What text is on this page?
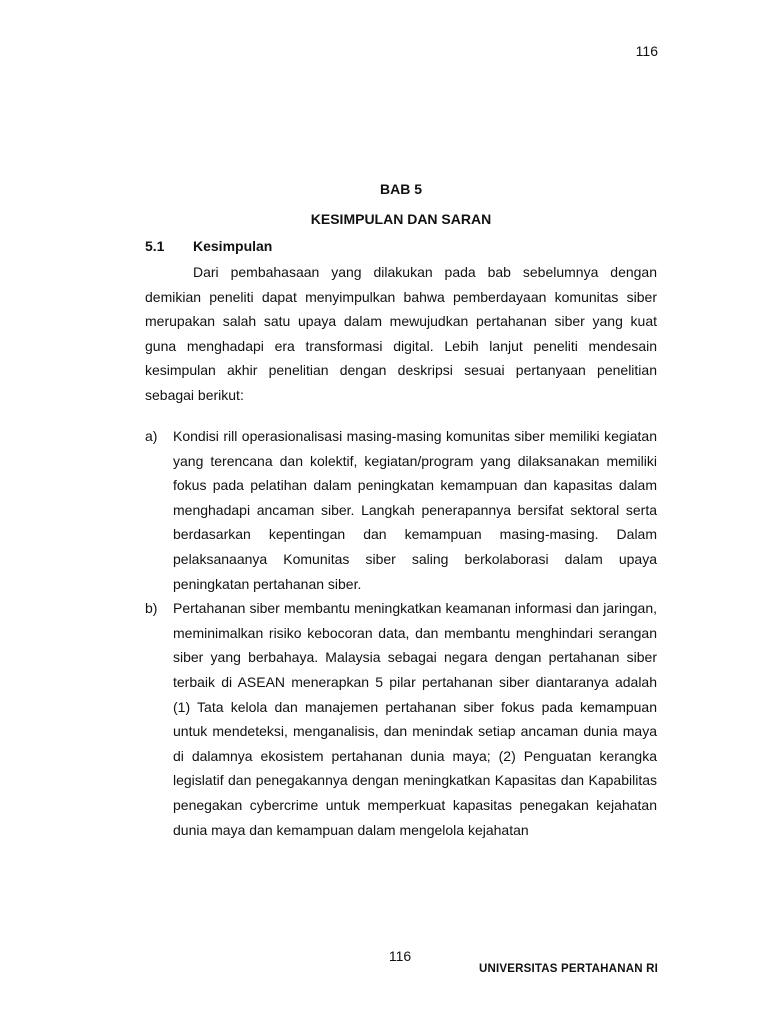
116
BAB 5
KESIMPULAN DAN SARAN
5.1 Kesimpulan

Dari pembahasaan yang dilakukan pada bab sebelumnya dengan demikian peneliti dapat menyimpulkan bahwa pemberdayaan komunitas siber merupakan salah satu upaya dalam mewujudkan pertahanan siber yang kuat guna menghadapi era transformasi digital. Lebih lanjut peneliti mendesain kesimpulan akhir penelitian dengan deskripsi sesuai pertanyaan penelitian sebagai berikut:

a) Kondisi rill operasionalisasi masing-masing komunitas siber memiliki kegiatan yang terencana dan kolektif, kegiatan/program yang dilaksanakan memiliki fokus pada pelatihan dalam peningkatan kemampuan dan kapasitas dalam menghadapi ancaman siber. Langkah penerapannya bersifat sektoral serta berdasarkan kepentingan dan kemampuan masing-masing. Dalam pelaksanaanya Komunitas siber saling berkolaborasi dalam upaya peningkatan pertahanan siber.
b) Pertahanan siber membantu meningkatkan keamanan informasi dan jaringan, meminimalkan risiko kebocoran data, dan membantu menghindari serangan siber yang berbahaya. Malaysia sebagai negara dengan pertahanan siber terbaik di ASEAN menerapkan 5 pilar pertahanan siber diantaranya adalah (1) Tata kelola dan manajemen pertahanan siber fokus pada kemampuan untuk mendeteksi, menganalisis, dan menindak setiap ancaman dunia maya di dalamnya ekosistem pertahanan dunia maya; (2) Penguatan kerangka legislatif dan penegakannya dengan meningkatkan Kapasitas dan Kapabilitas penegakan cybercrime untuk memperkuat kapasitas penegakan kejahatan dunia maya dan kemampuan dalam mengelola kejahatan
116
UNIVERSITAS PERTAHANAN RI
